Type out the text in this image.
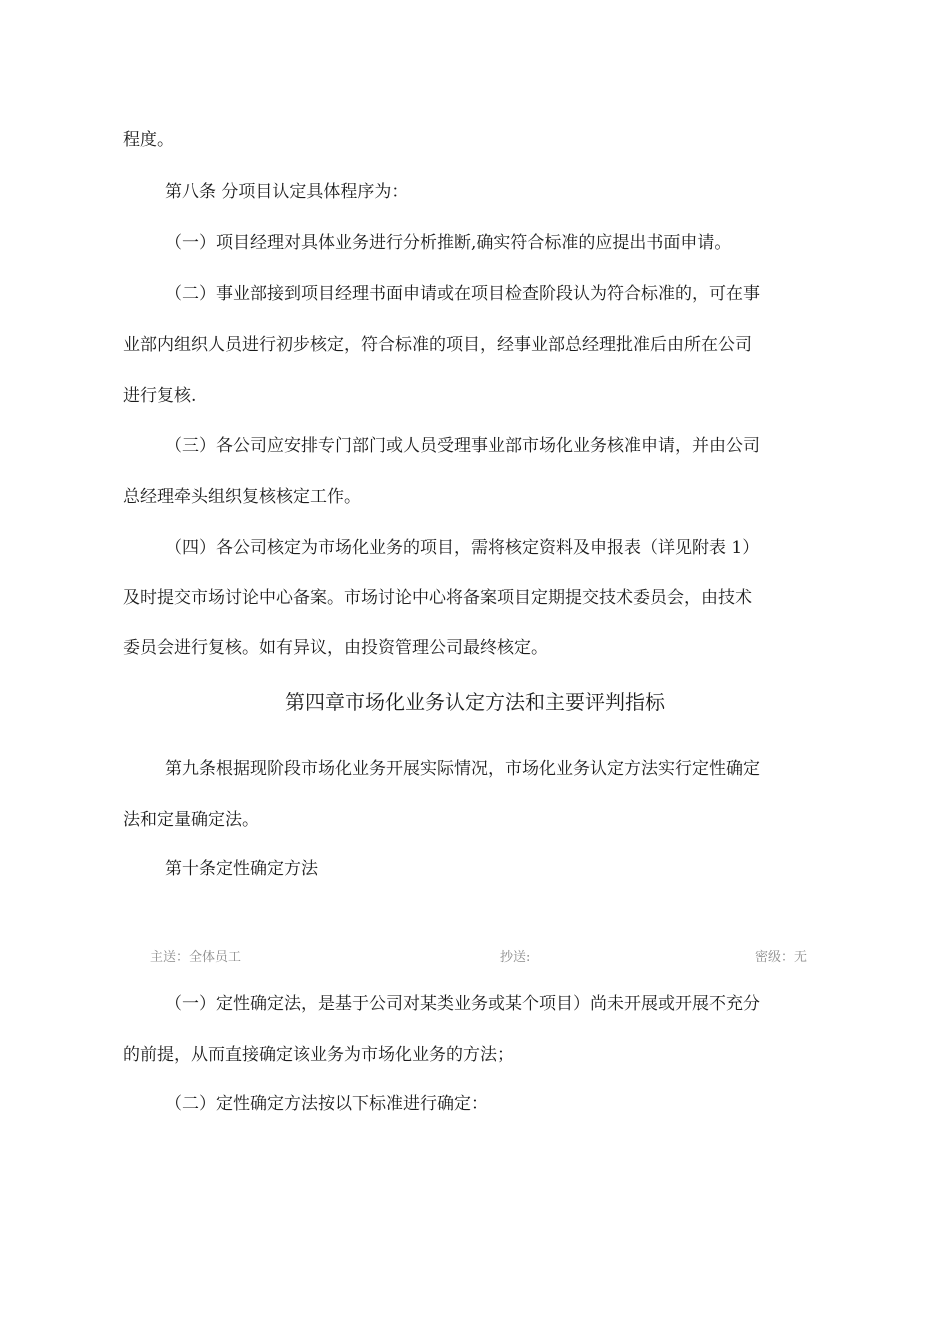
程度。
第八条 分项目认定具体程序为：
（一）项目经理对具体业务进行分析推断,确实符合标准的应提出书面申请。
（二）事业部接到项目经理书面申请或在项目检查阶段认为符合标准的，可在事
业部内组织人员进行初步核定，符合标准的项目，经事业部总经理批准后由所在公司
进行复核.
（三）各公司应安排专门部门或人员受理事业部市场化业务核准申请，并由公司
总经理牵头组织复核核定工作。
（四）各公司核定为市场化业务的项目，需将核定资料及申报表（详见附表 1）
及时提交市场讨论中心备案。市场讨论中心将备案项目定期提交技术委员会，由技术
委员会进行复核。如有异议，由投资管理公司最终核定。
第四章市场化业务认定方法和主要评判指标
第九条根据现阶段市场化业务开展实际情况，市场化业务认定方法实行定性确定
法和定量确定法。
第十条定性确定方法
主送：全体员工	抄送:	密级：无
（一）定性确定法，是基于公司对某类业务或某个项目）尚未开展或开展不充分
的前提，从而直接确定该业务为市场化业务的方法；
（二）定性确定方法按以下标准进行确定：
